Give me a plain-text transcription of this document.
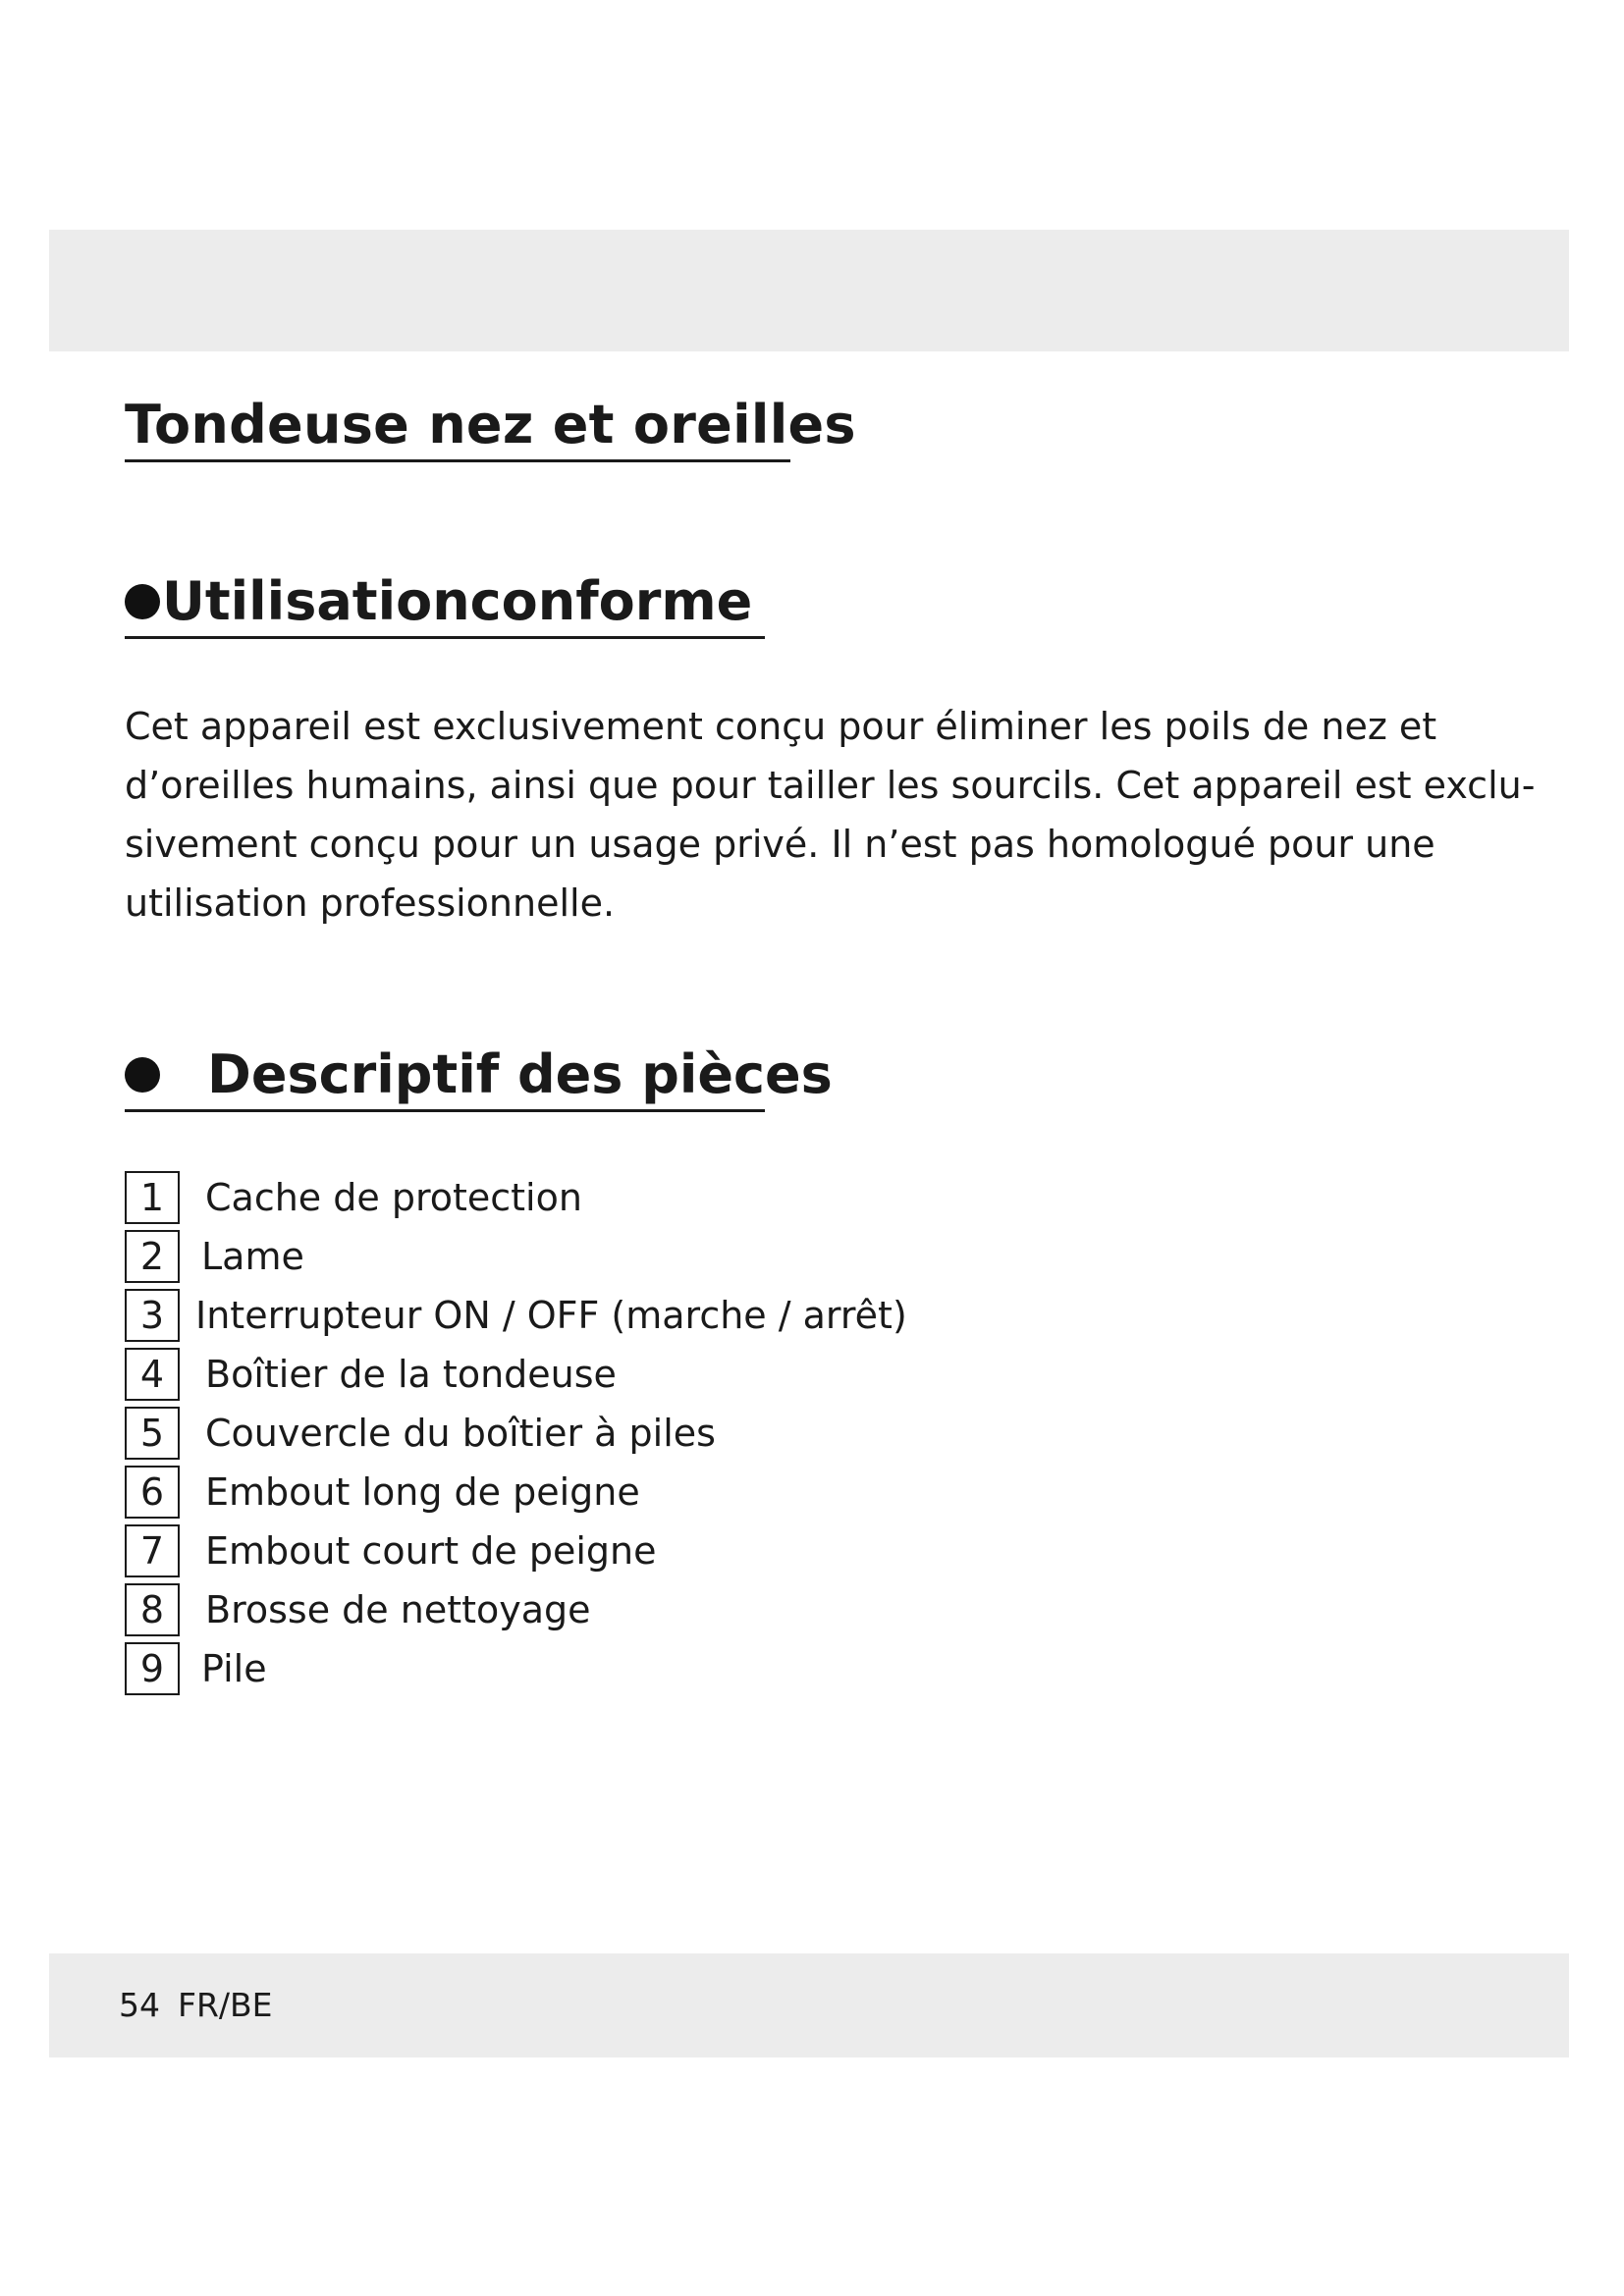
Tondeuse nez et oreilles
Utilisationconforme
Cet appareil est exclusivement conçu pour éliminer les poils de nez et
d’oreilles humains, ainsi que pour tailler les sourcils. Cet appareil est exclu-
sivement conçu pour un usage privé. Il n’est pas homologué pour une
utilisation professionnelle.
Descriptif des pièces
1	Cache de protection
2 Lame
3 Interrupteur ON / OFF (marche / arrêt)
4	Boîtier de la tondeuse
5	Couvercle du boîtier à piles
6	Embout long de peigne
7	Embout court de peigne
8	Brosse de nettoyage
9 Pile
54 FR/BE
